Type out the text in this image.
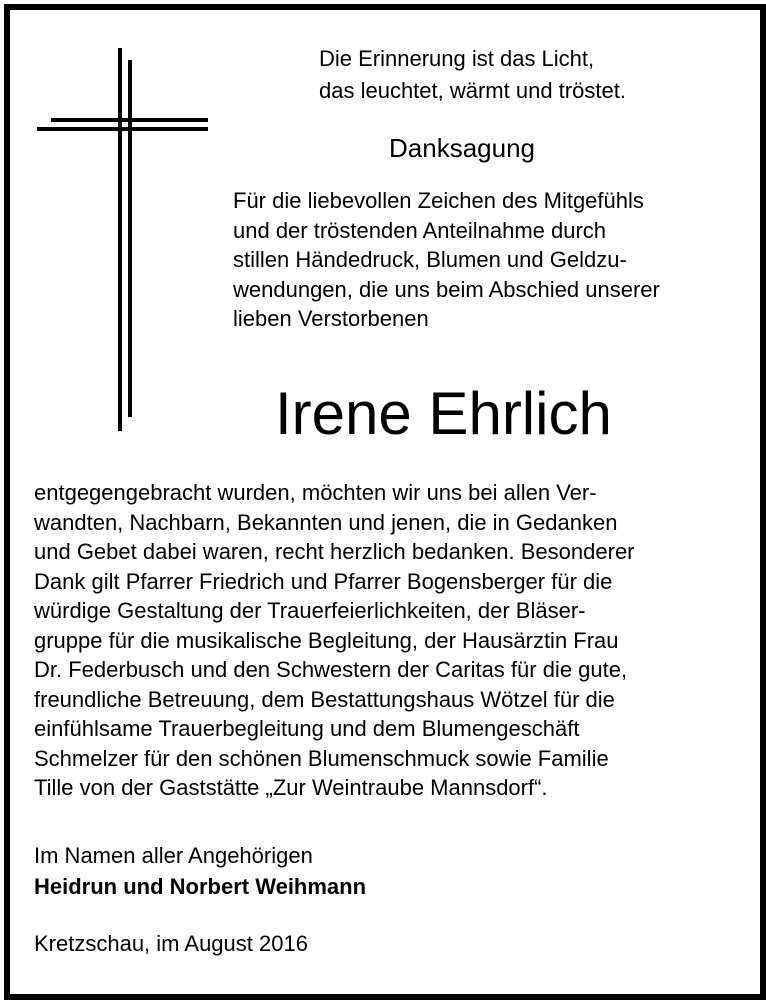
Die Erinnerung ist das Licht,
das leuchtet, wärmt und tröstet.
Danksagung
Für die liebevollen Zeichen des Mitgefühls
und der tröstenden Anteilnahme durch
stillen Händedruck, Blumen und Geldzu-
wendungen, die uns beim Abschied unserer
lieben Verstorbenen
Irene Ehrlich
entgegengebracht wurden, möchten wir uns bei allen Ver-
wandten, Nachbarn, Bekannten und jenen, die in Gedanken
und Gebet dabei waren, recht herzlich bedanken. Besonderer
Dank gilt Pfarrer Friedrich und Pfarrer Bogensberger für die
würdige Gestaltung der Trauerfeierlichkeiten, der Bläser-
gruppe für die musikalische Begleitung, der Hausärztin Frau
Dr. Federbusch und den Schwestern der Caritas für die gute,
freundliche Betreuung, dem Bestattungshaus Wötzel für die
einfühlsame Trauerbegleitung und dem Blumengeschäft
Schmelzer für den schönen Blumenschmuck sowie Familie
Tille von der Gaststätte „Zur Weintraube Mannsdorf“.
Im Namen aller Angehörigen
Heidrun und Norbert Weihmann
Kretzschau, im August 2016
